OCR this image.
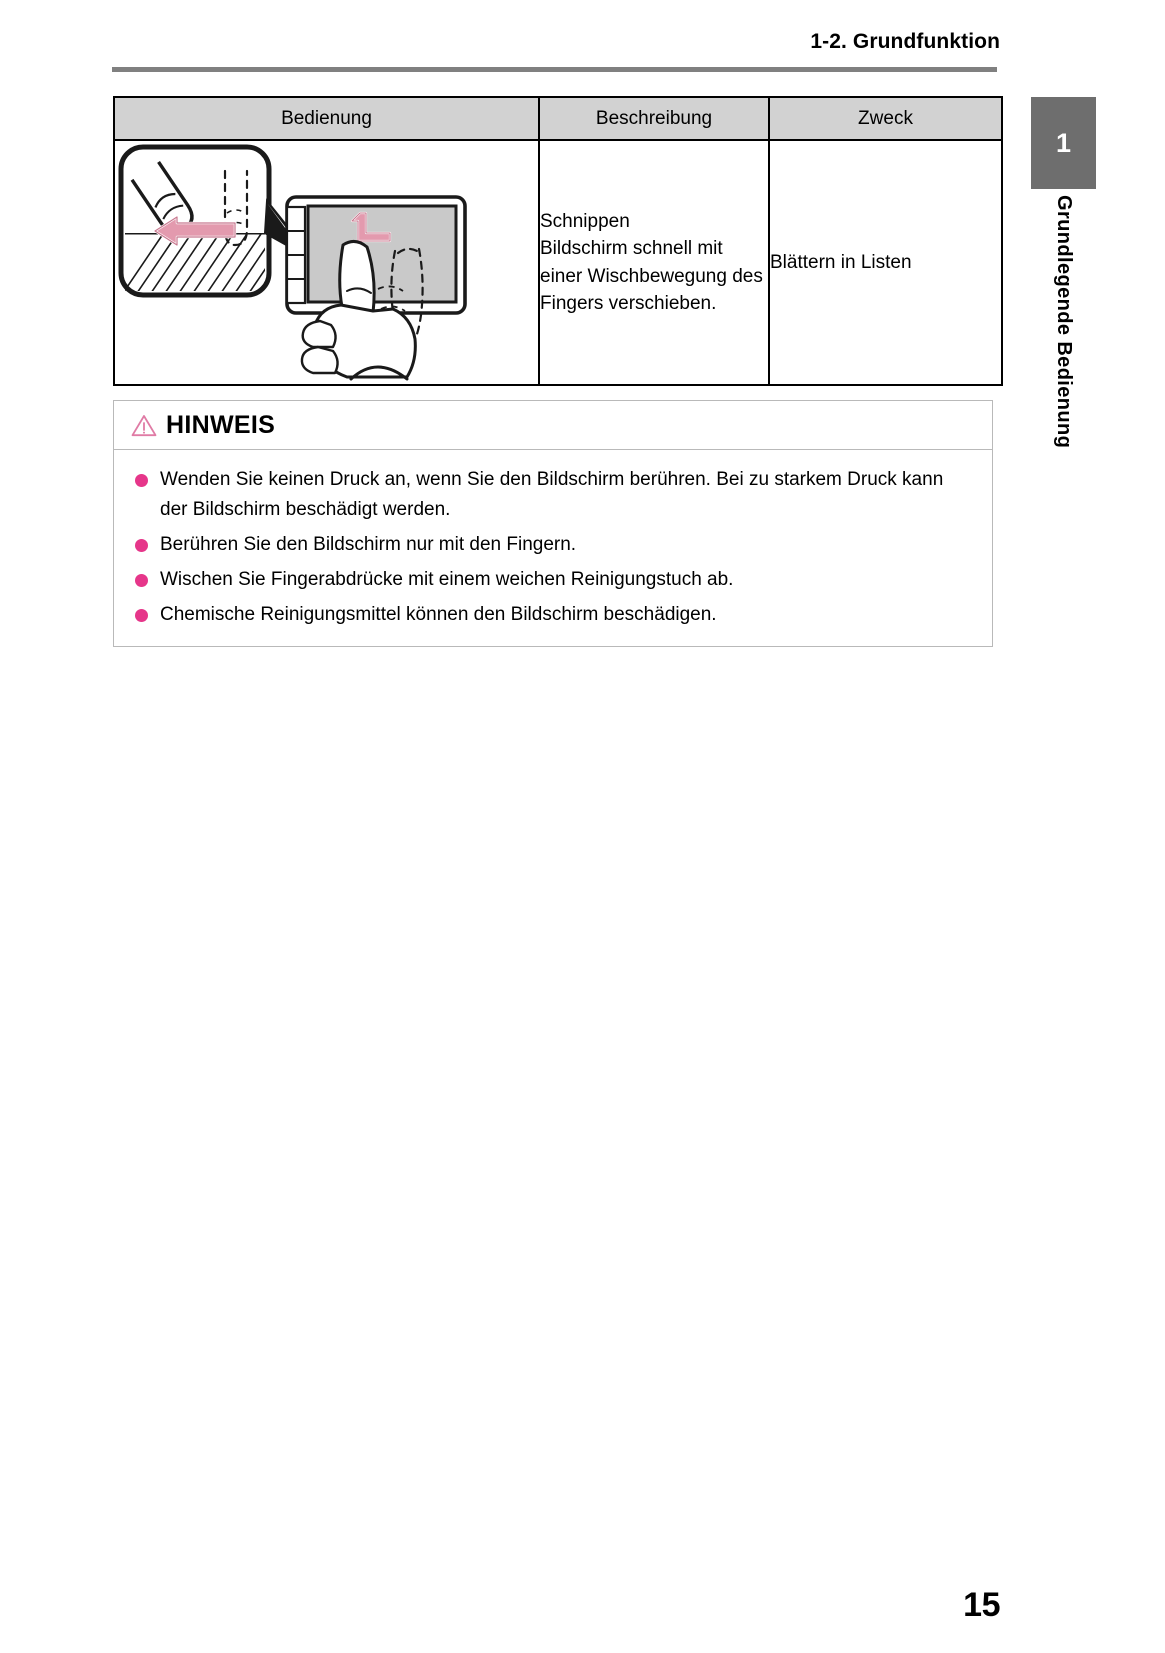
1-2. Grundfunktion
1
Grundlegende Bedienung
Bedienung	Beschreibung	Zweck

Schnippen
Bildschirm schnell mit einer Wischbewegung des Fingers verschieben.	Blättern in Listen
HINWEIS
Wenden Sie keinen Druck an, wenn Sie den Bildschirm berühren. Bei zu starkem Druck kann der Bildschirm beschädigt werden.
Berühren Sie den Bildschirm nur mit den Fingern.
Wischen Sie Fingerabdrücke mit einem weichen Reinigungstuch ab.
Chemische Reinigungsmittel können den Bildschirm beschädigen.
15
